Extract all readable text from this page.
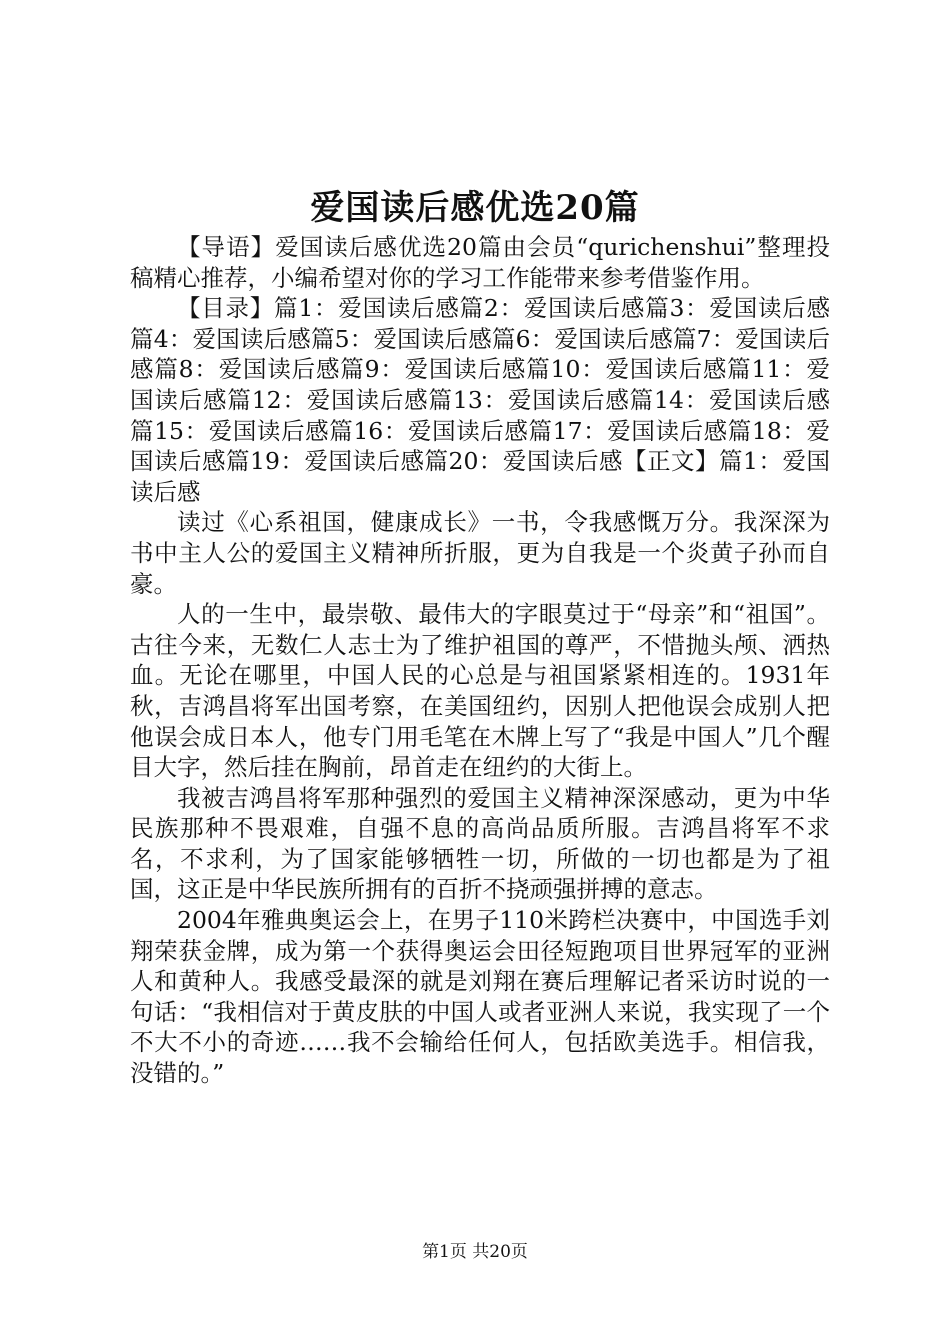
爱国读后感优选20篇

【导语】爱国读后感优选20篇由会员“qurichenshui”整理投稿精心推荐，小编希望对你的学习工作能带来参考借鉴作用。

【目录】篇1：爱国读后感篇2：爱国读后感篇3：爱国读后感篇4：爱国读后感篇5：爱国读后感篇6：爱国读后感篇7：爱国读后感篇8：爱国读后感篇9：爱国读后感篇10：爱国读后感篇11：爱国读后感篇12：爱国读后感篇13：爱国读后感篇14：爱国读后感篇15：爱国读后感篇16：爱国读后感篇17：爱国读后感篇18：爱国读后感篇19：爱国读后感篇20：爱国读后感【正文】篇1：爱国读后感

读过《心系祖国，健康成长》一书，令我感慨万分。我深深为书中主人公的爱国主义精神所折服，更为自我是一个炎黄子孙而自豪。

人的一生中，最崇敬、最伟大的字眼莫过于“母亲”和“祖国”。古往今来，无数仁人志士为了维护祖国的尊严，不惜抛头颅、洒热血。无论在哪里，中国人民的心总是与祖国紧紧相连的。1931年秋，吉鸿昌将军出国考察，在美国纽约，因别人把他误会成别人把他误会成日本人，他专门用毛笔在木牌上写了“我是中国人”几个醒目大字，然后挂在胸前，昂首走在纽约的大街上。

我被吉鸿昌将军那种强烈的爱国主义精神深深感动，更为中华民族那种不畏艰难，自强不息的高尚品质所服。吉鸿昌将军不求名，不求利，为了国家能够牺牲一切，所做的一切也都是为了祖国，这正是中华民族所拥有的百折不挠顽强拼搏的意志。

2004年雅典奥运会上，在男子110米跨栏决赛中，中国选手刘翔荣获金牌，成为第一个获得奥运会田径短跑项目世界冠军的亚洲人和黄种人。我感受最深的就是刘翔在赛后理解记者采访时说的一句话：“我相信对于黄皮肤的中国人或者亚洲人来说，我实现了一个不大不小的奇迹……我不会输给任何人，包括欧美选手。相信我，没错的。”

第1页 共20页
